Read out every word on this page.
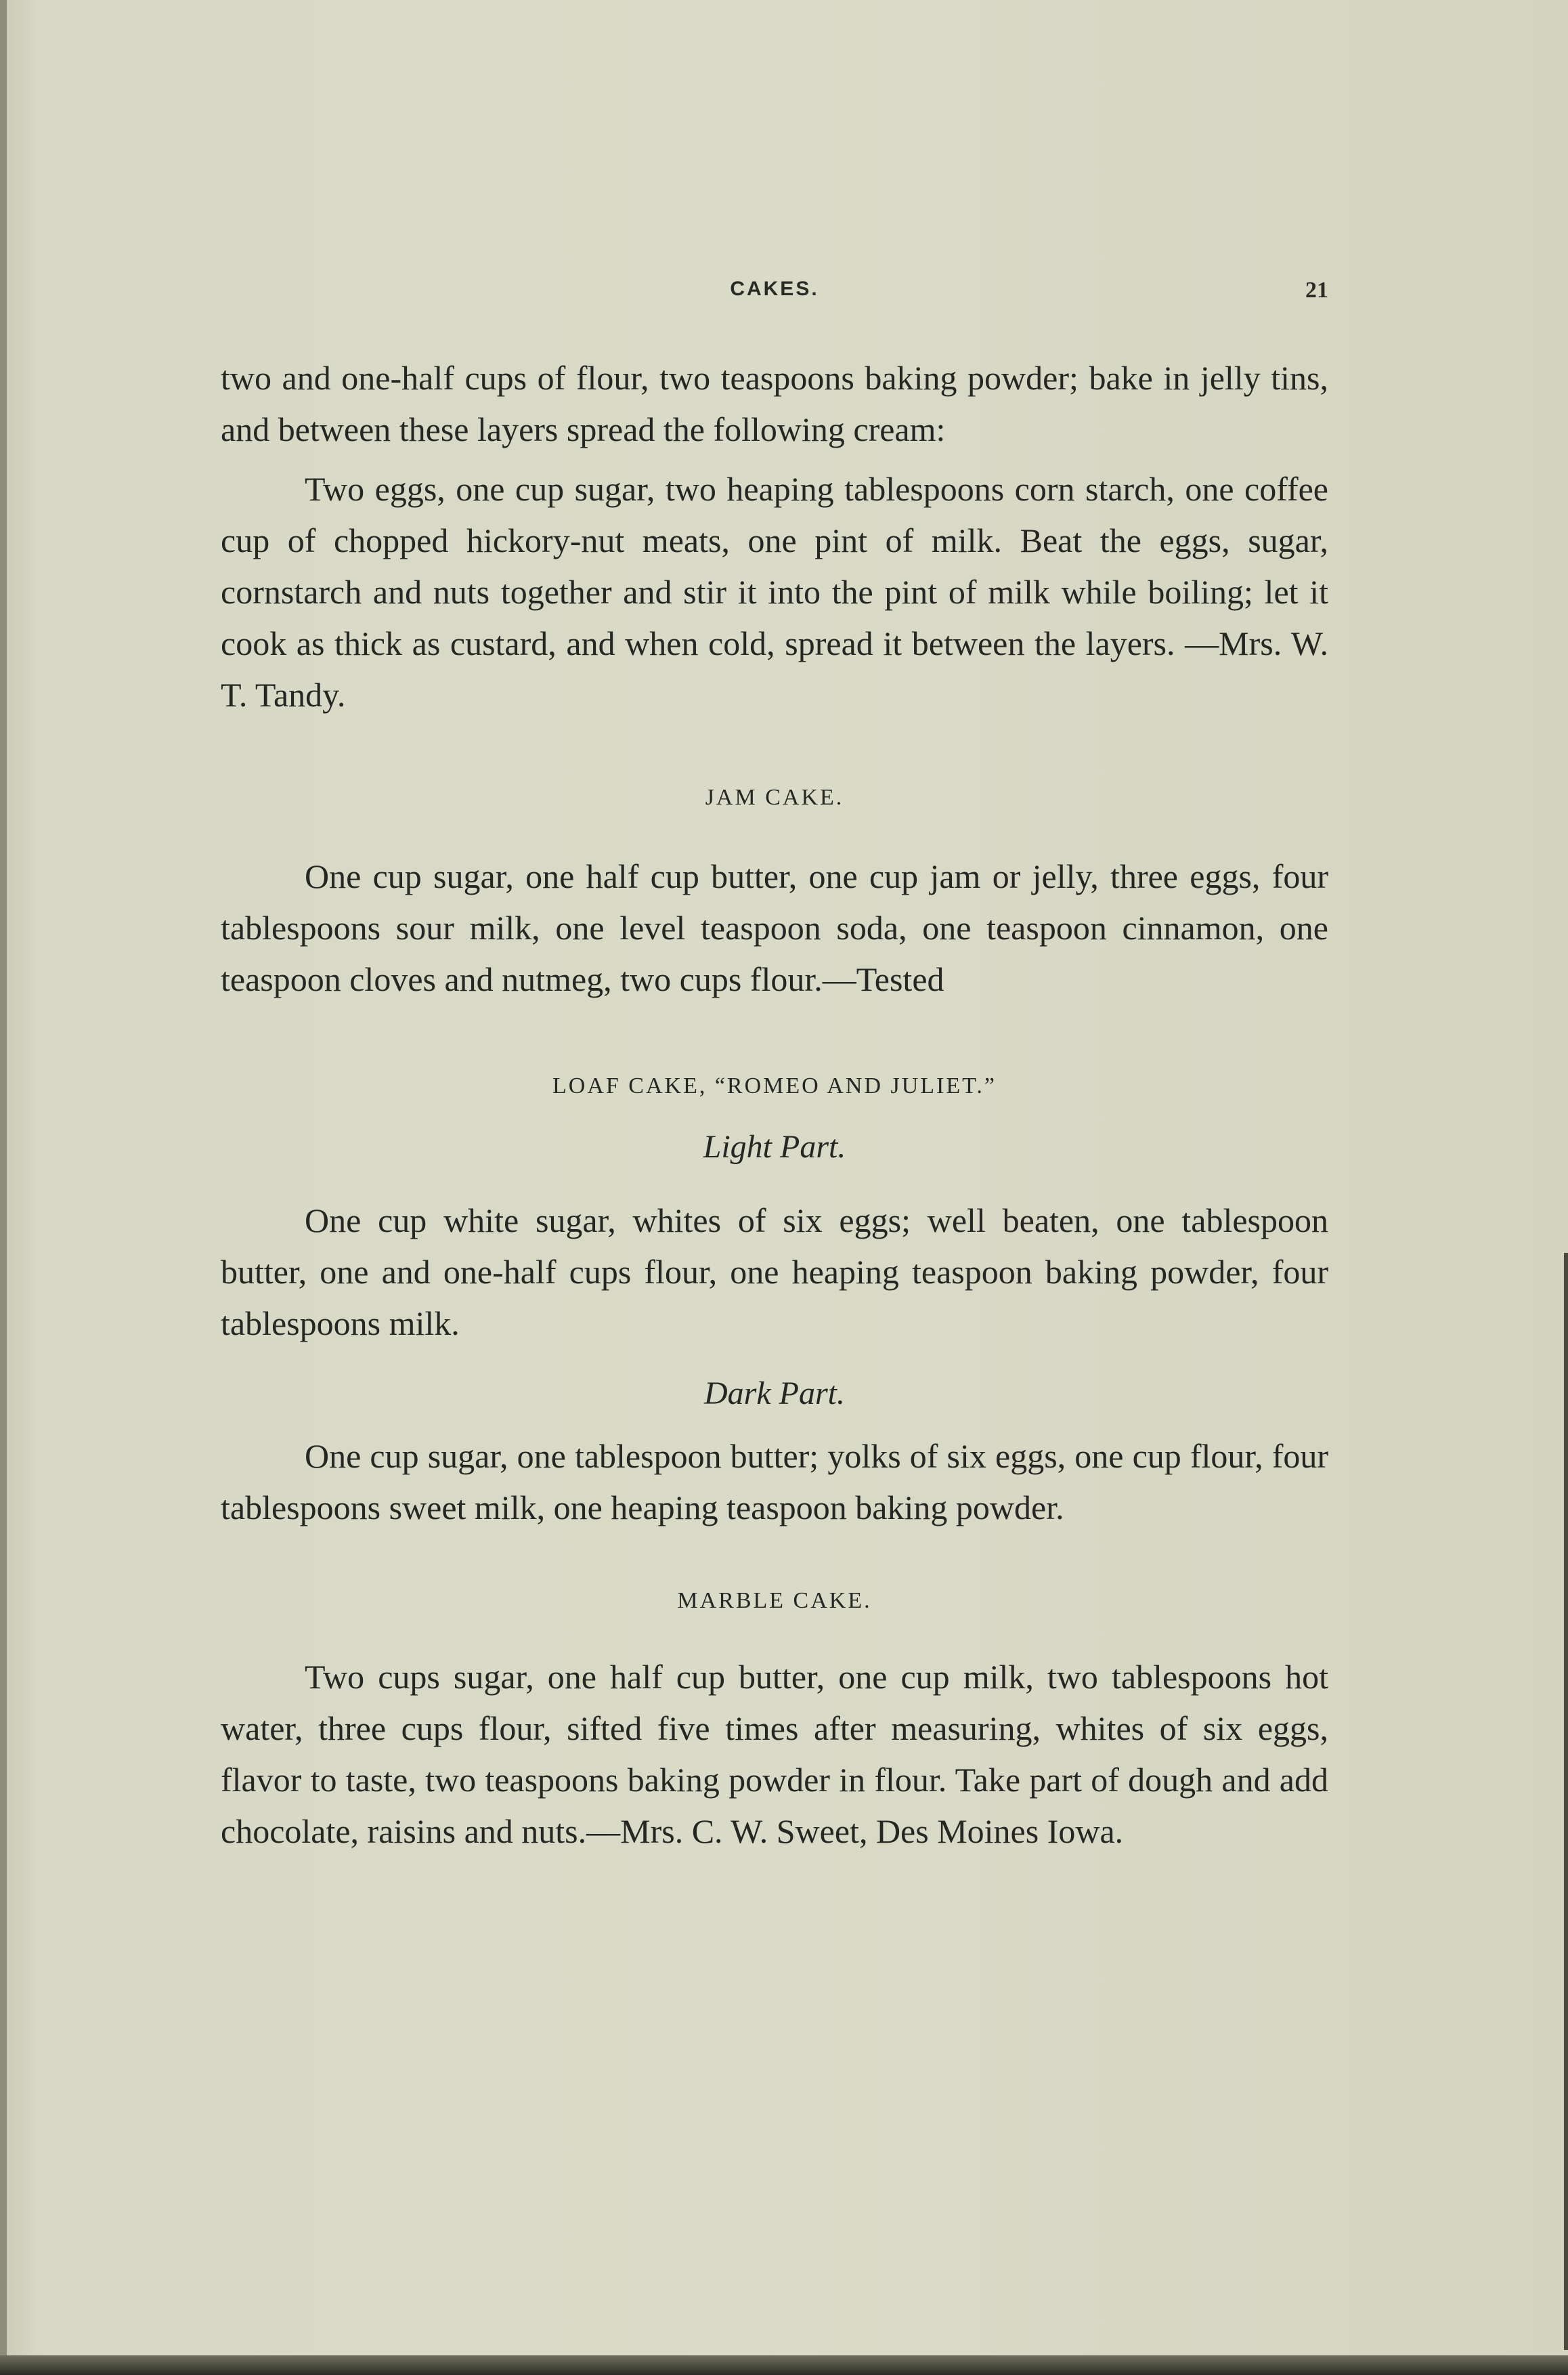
CAKES.	21

two and one-half cups of flour, two teaspoons baking powder; bake in jelly tins, and between these layers spread the following cream:

Two eggs, one cup sugar, two heaping tablespoons corn starch, one coffee cup of chopped hickory-nut meats, one pint of milk. Beat the eggs, sugar, cornstarch and nuts together and stir it into the pint of milk while boiling; let it cook as thick as custard, and when cold, spread it between the layers. —Mrs. W. T. Tandy.

JAM CAKE.

One cup sugar, one half cup butter, one cup jam or jelly, three eggs, four tablespoons sour milk, one level teaspoon soda, one teaspoon cinnamon, one teaspoon cloves and nutmeg, two cups flour.—Tested

LOAF CAKE, “ROMEO AND JULIET.”
Light Part.

One cup white sugar, whites of six eggs; well beaten, one tablespoon butter, one and one-half cups flour, one heaping teaspoon baking powder, four tablespoons milk.

Dark Part.

One cup sugar, one tablespoon butter; yolks of six eggs, one cup flour, four tablespoons sweet milk, one heaping teaspoon baking powder.

MARBLE CAKE.

Two cups sugar, one half cup butter, one cup milk, two tablespoons hot water, three cups flour, sifted five times after measuring, whites of six eggs, flavor to taste, two teaspoons baking powder in flour. Take part of dough and add chocolate, raisins and nuts.—Mrs. C. W. Sweet, Des Moines Iowa.
